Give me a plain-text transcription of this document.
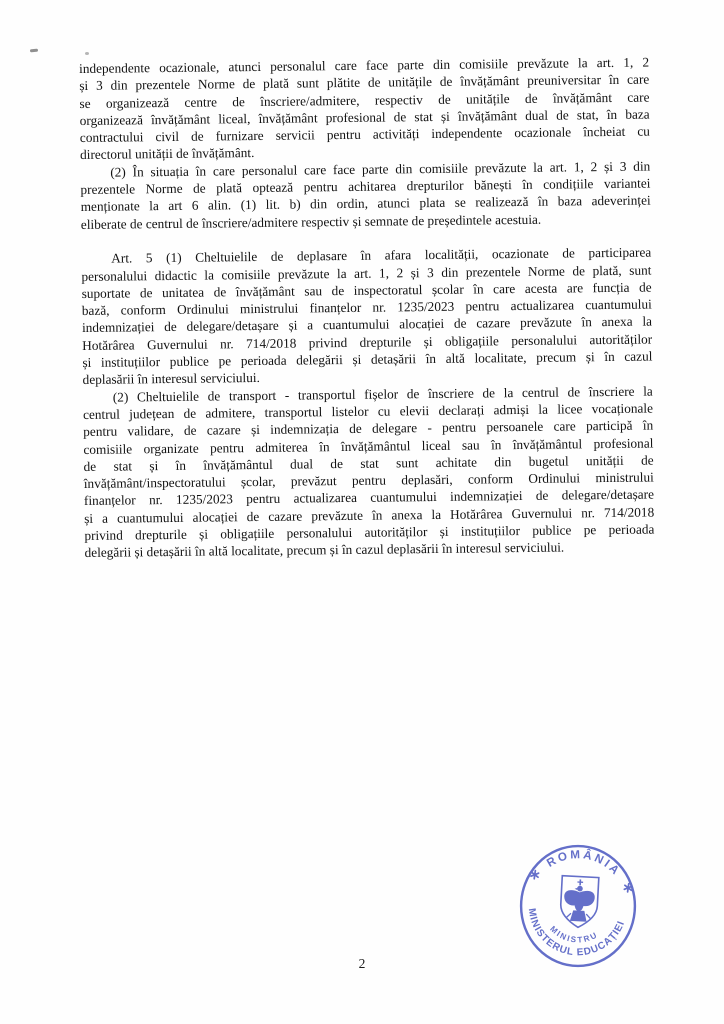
independente ocazionale, atunci personalul care face parte din comisiile prevăzute la art. 1, 2
și 3 din prezentele Norme de plată sunt plătite de unitățile de învățământ preuniversitar în care
se organizează centre de înscriere/admitere, respectiv de unitățile de învățământ care
organizează învățământ liceal, învățământ profesional de stat și învățământ dual de stat, în baza
contractului civil de furnizare servicii pentru activități independente ocazionale încheiat cu
directorul unității de învățământ.
(2) În situația în care personalul care face parte din comisiile prevăzute la art. 1, 2 și 3 din
prezentele Norme de plată optează pentru achitarea drepturilor bănești în condițiile variantei
menționate la art 6 alin. (1) lit. b) din ordin, atunci plata se realizează în baza adeverinței
eliberate de centrul de înscriere/admitere respectiv și semnate de președintele acestuia.
Art. 5 (1) Cheltuielile de deplasare în afara localității, ocazionate de participarea
personalului didactic la comisiile prevăzute la art. 1, 2 și 3 din prezentele Norme de plată, sunt
suportate de unitatea de învățământ sau de inspectoratul școlar în care acesta are funcția de
bază, conform Ordinului ministrului finanțelor nr. 1235/2023 pentru actualizarea cuantumului
indemnizației de delegare/detașare și a cuantumului alocației de cazare prevăzute în anexa la
Hotărârea Guvernului nr. 714/2018 privind drepturile și obligațiile personalului autorităților
și instituțiilor publice pe perioada delegării și detașării în altă localitate, precum și în cazul
deplasării în interesul serviciului.
(2) Cheltuielile de transport - transportul fișelor de înscriere de la centrul de înscriere la
centrul județean de admitere, transportul listelor cu elevii declarați admiși la licee vocaționale
pentru validare, de cazare și indemnizația de delegare - pentru persoanele care participă în
comisiile organizate pentru admiterea în învățământul liceal sau în învățământul profesional
de stat și în învățământul dual de stat sunt achitate din bugetul unității de
învățământ/inspectoratului școlar, prevăzut pentru deplasări, conform Ordinului ministrului
finanțelor nr. 1235/2023 pentru actualizarea cuantumului indemnizației de delegare/detașare
și a cuantumului alocației de cazare prevăzute în anexa la Hotărârea Guvernului nr. 714/2018
privind drepturile și obligațiile personalului autorităților și instituțiilor publice pe perioada
delegării și detașării în altă localitate, precum și în cazul deplasării în interesul serviciului.
ROMÂNIA
MINISTERUL EDUCAȚIEI
MINISTRU
2
